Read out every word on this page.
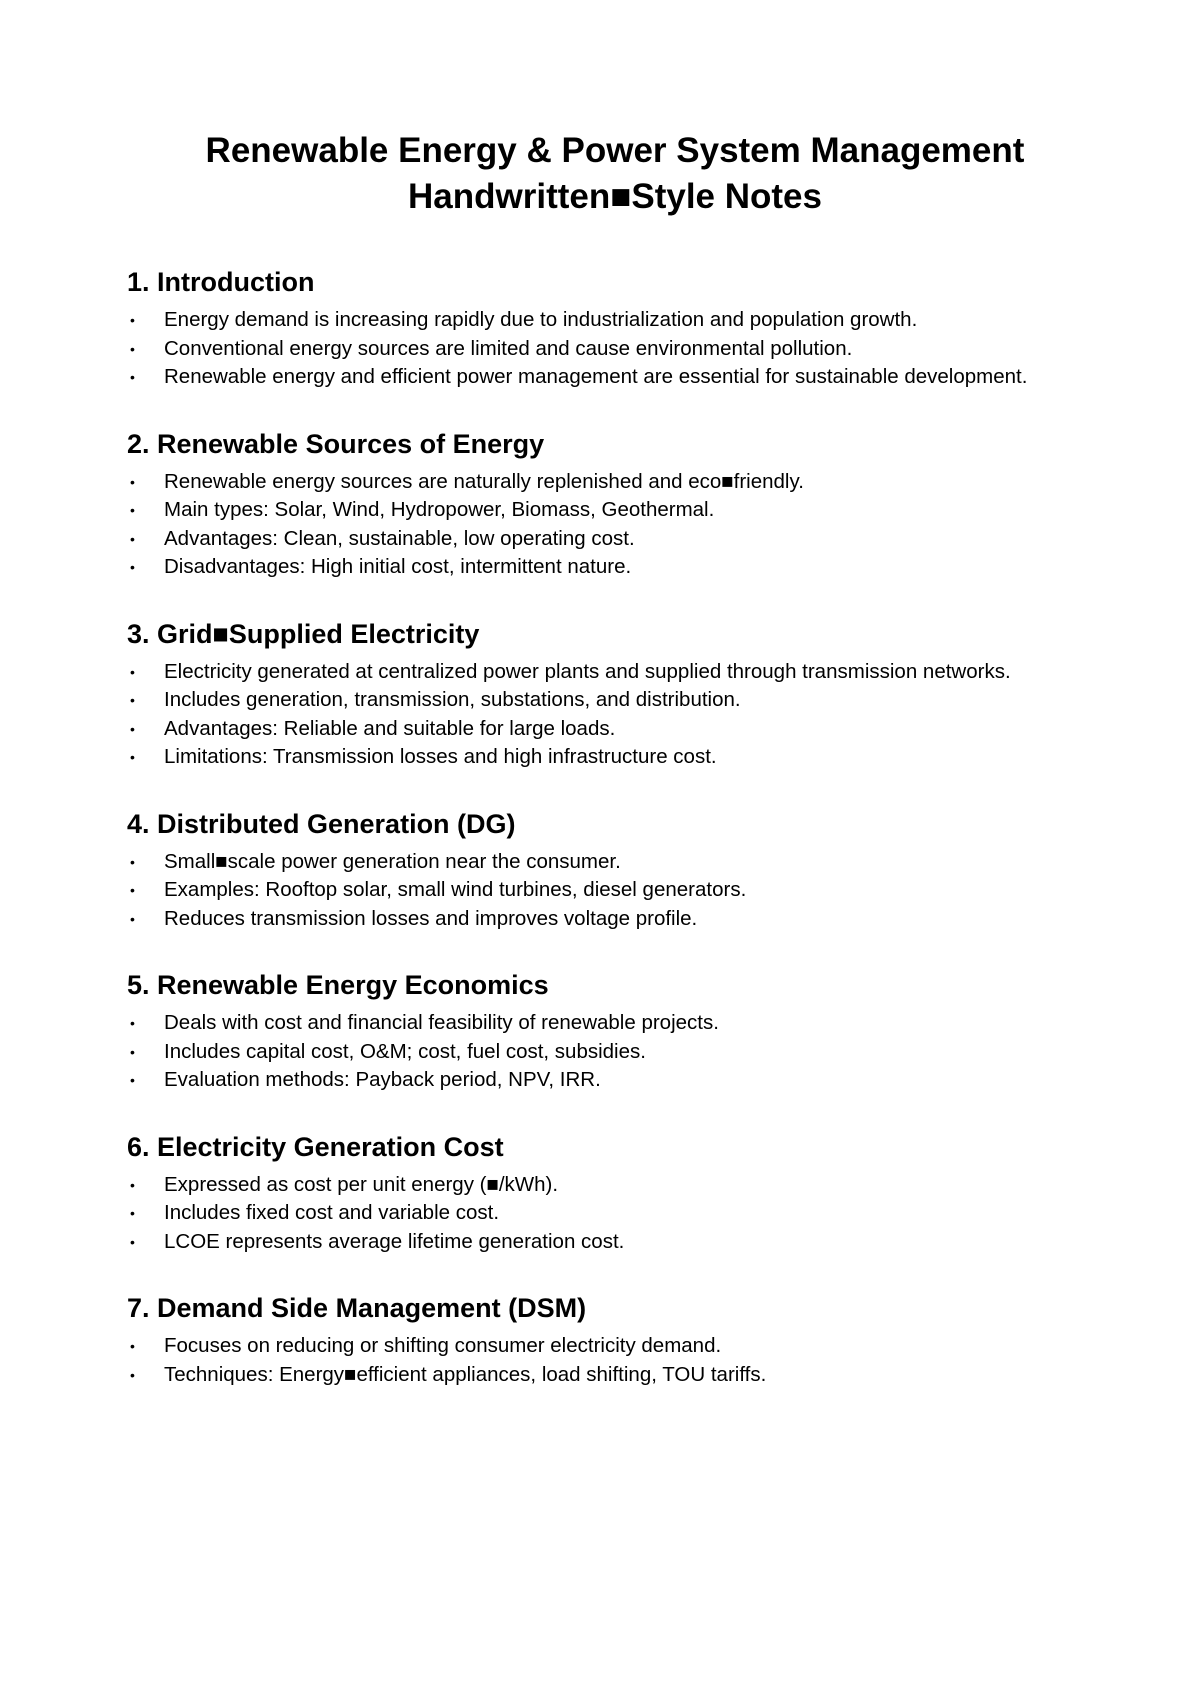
Renewable Energy & Power System Management
Handwritten■Style Notes
1. Introduction
• Energy demand is increasing rapidly due to industrialization and population growth.
• Conventional energy sources are limited and cause environmental pollution.
• Renewable energy and efficient power management are essential for sustainable development.
2. Renewable Sources of Energy
• Renewable energy sources are naturally replenished and eco■friendly.
• Main types: Solar, Wind, Hydropower, Biomass, Geothermal.
• Advantages: Clean, sustainable, low operating cost.
• Disadvantages: High initial cost, intermittent nature.
3. Grid■Supplied Electricity
• Electricity generated at centralized power plants and supplied through transmission networks.
• Includes generation, transmission, substations, and distribution.
• Advantages: Reliable and suitable for large loads.
• Limitations: Transmission losses and high infrastructure cost.
4. Distributed Generation (DG)
• Small■scale power generation near the consumer.
• Examples: Rooftop solar, small wind turbines, diesel generators.
• Reduces transmission losses and improves voltage profile.
5. Renewable Energy Economics
• Deals with cost and financial feasibility of renewable projects.
• Includes capital cost, O&M; cost, fuel cost, subsidies.
• Evaluation methods: Payback period, NPV, IRR.
6. Electricity Generation Cost
• Expressed as cost per unit energy (■/kWh).
• Includes fixed cost and variable cost.
• LCOE represents average lifetime generation cost.
7. Demand Side Management (DSM)
• Focuses on reducing or shifting consumer electricity demand.
• Techniques: Energy■efficient appliances, load shifting, TOU tariffs.
